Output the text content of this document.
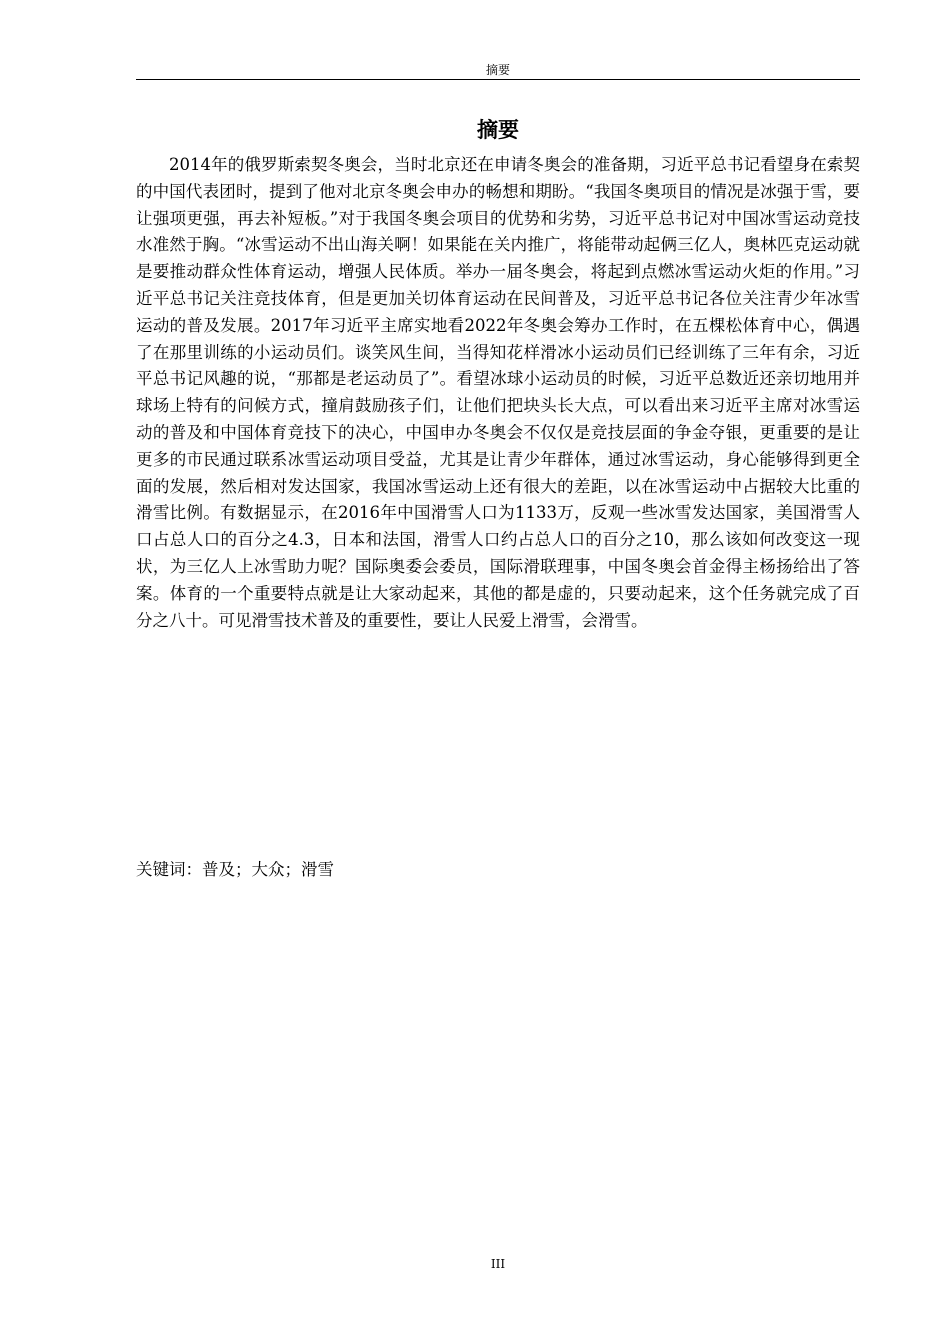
摘要
摘要

2014年的俄罗斯索契冬奥会，当时北京还在申请冬奥会的准备期，习近平总书记看望身在索契的中国代表团时，提到了他对北京冬奥会申办的畅想和期盼。“我国冬奥项目的情况是冰强于雪，要让强项更强，再去补短板。”对于我国冬奥会项目的优势和劣势，习近平总书记对中国冰雪运动竞技水准然于胸。“冰雪运动不出山海关啊！如果能在关内推广，将能带动起俩三亿人，奥林匹克运动就是要推动群众性体育运动，增强人民体质。举办一届冬奥会，将起到点燃冰雪运动火炬的作用。”习近平总书记关注竞技体育，但是更加关切体育运动在民间普及，习近平总书记各位关注青少年冰雪运动的普及发展。2017年习近平主席实地看2022年冬奥会筹办工作时，在五棵松体育中心，偶遇了在那里训练的小运动员们。谈笑风生间，当得知花样滑冰小运动员们已经训练了三年有余，习近平总书记风趣的说，“那都是老运动员了”。看望冰球小运动员的时候，习近平总数近还亲切地用并球场上特有的问候方式，撞肩鼓励孩子们，让他们把块头长大点，可以看出来习近平主席对冰雪运动的普及和中国体育竞技下的决心，中国申办冬奥会不仅仅是竞技层面的争金夺银，更重要的是让更多的市民通过联系冰雪运动项目受益，尤其是让青少年群体，通过冰雪运动，身心能够得到更全面的发展，然后相对发达国家，我国冰雪运动上还有很大的差距，以在冰雪运动中占据较大比重的滑雪比例。有数据显示，在2016年中国滑雪人口为1133万，反观一些冰雪发达国家，美国滑雪人口占总人口的百分之4.3，日本和法国，滑雪人口约占总人口的百分之10，那么该如何改变这一现状，为三亿人上冰雪助力呢？国际奥委会委员，国际滑联理事，中国冬奥会首金得主杨扬给出了答案。体育的一个重要特点就是让大家动起来，其他的都是虚的，只要动起来，这个任务就完成了百分之八十。可见滑雪技术普及的重要性，要让人民爱上滑雪，会滑雪。

关键词：普及；大众；滑雪

III
